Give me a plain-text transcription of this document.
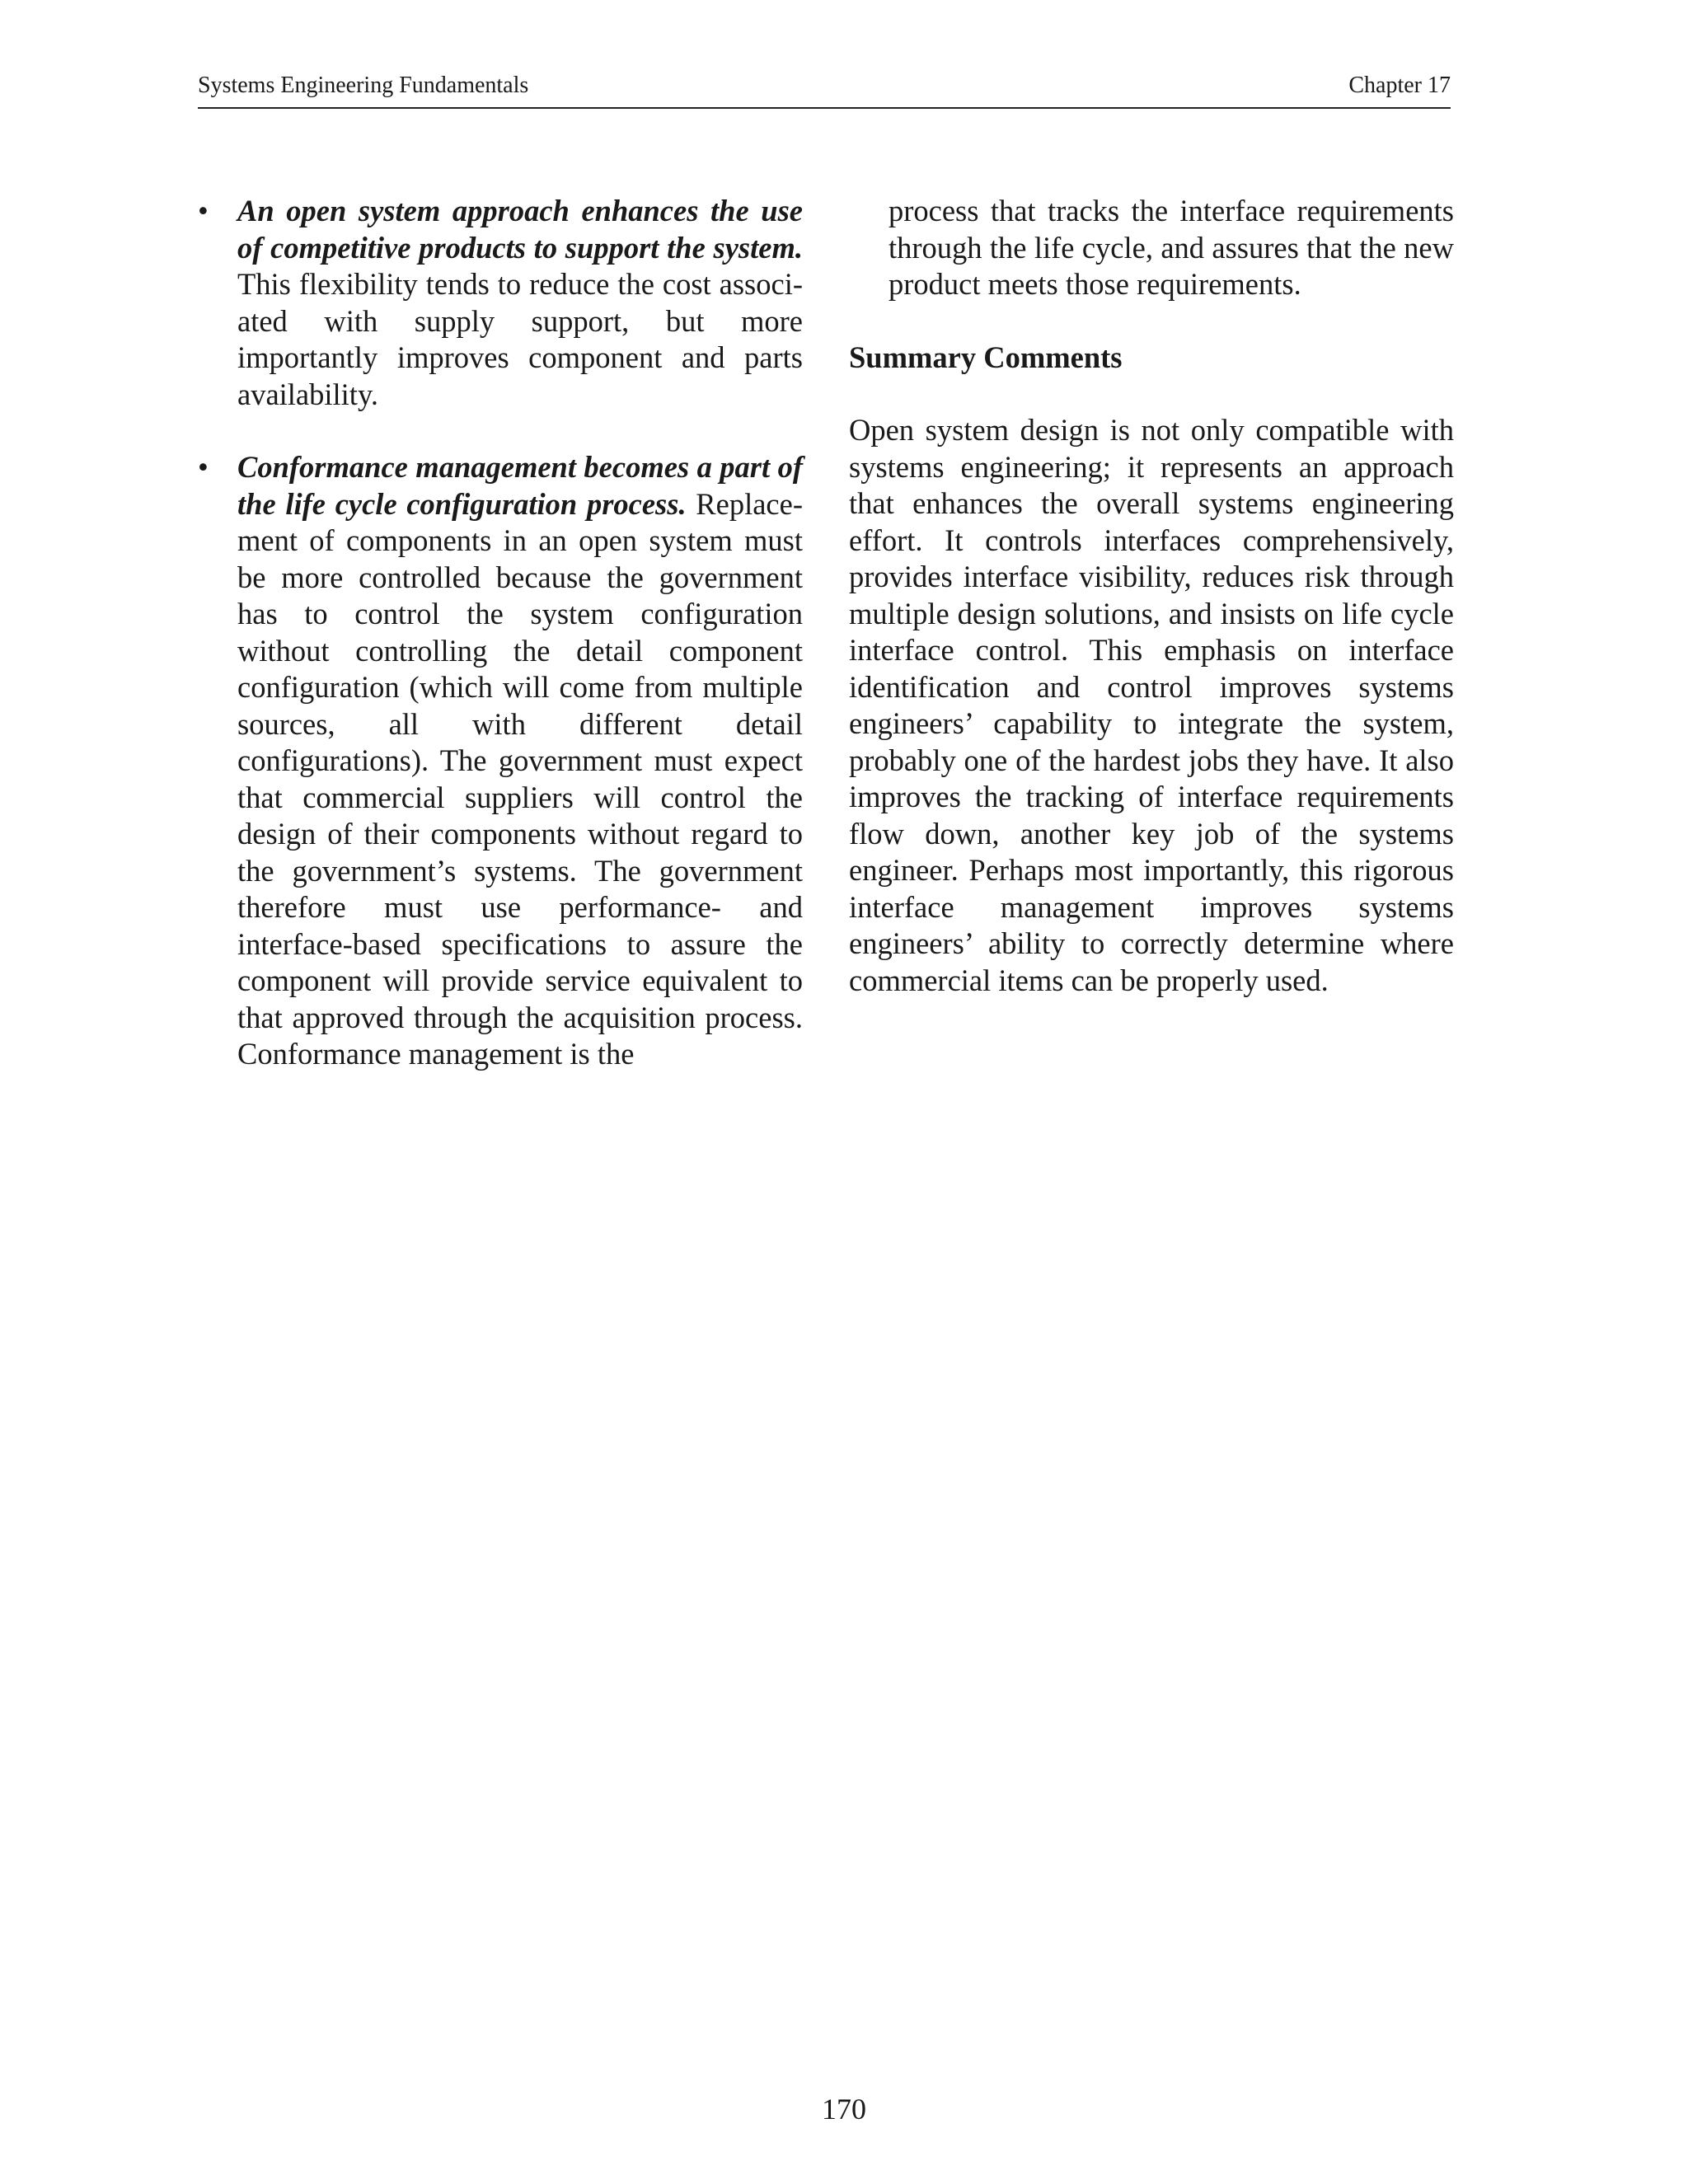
Systems Engineering Fundamentals	Chapter 17
• An open system approach enhances the use of competitive products to support the system. This flexibility tends to reduce the cost associated with supply support, but more importantly improves component and parts availability.
• Conformance management becomes a part of the life cycle configuration process. Replacement of components in an open system must be more controlled because the government has to control the system configuration without controlling the detail component configuration (which will come from multiple sources, all with different detail configurations). The government must expect that commercial suppliers will control the design of their components without regard to the government’s systems. The government therefore must use performance- and interface-based specifications to assure the component will provide service equivalent to that approved through the acquisition process. Conformance management is the

process that tracks the interface requirements through the life cycle, and assures that the new product meets those requirements.

Summary Comments

Open system design is not only compatible with systems engineering; it represents an approach that enhances the overall systems engineering effort. It controls interfaces comprehensively, provides interface visibility, reduces risk through multiple design solutions, and insists on life cycle interface control. This emphasis on interface identification and control improves systems engineers’ capability to integrate the system, probably one of the hardest jobs they have. It also improves the tracking of interface requirements flow down, another key job of the systems engineer. Perhaps most importantly, this rigorous interface management improves systems engineers’ ability to correctly determine where commercial items can be properly used.

170
